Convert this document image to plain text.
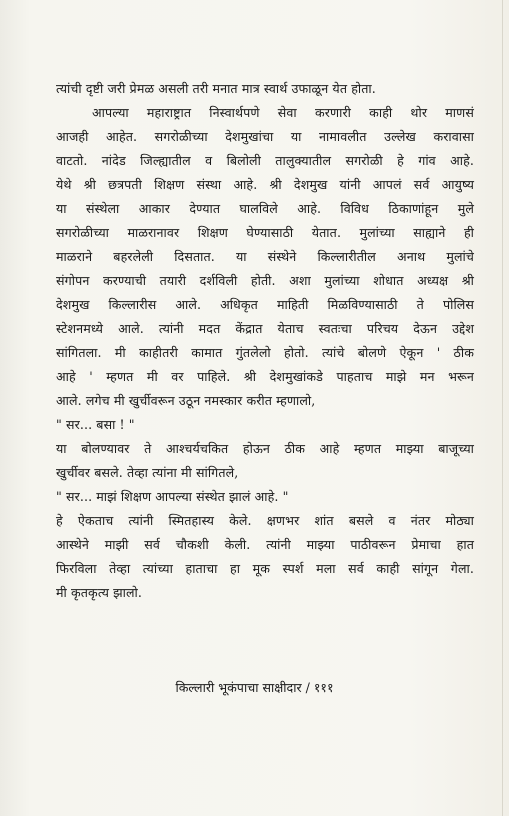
त्यांची दृष्टी जरी प्रेमळ असली तरी मनात मात्र स्वार्थ उफाळून येत होता.
आपल्या महाराष्ट्रात निस्वार्थपणे सेवा करणारी काही थोर माणसं
आजही आहेत. सगरोळीच्या देशमुखांचा या नामावलीत उल्लेख करावासा
वाटतो. नांदेड जिल्ह्यातील व बिलोली तालुक्यातील सगरोळी हे गांव आहे.
येथे श्री छत्रपती शिक्षण संस्था आहे. श्री देशमुख यांनी आपलं सर्व आयुष्य
या संस्थेला आकार देण्यात घालविले आहे. विविध ठिकाणांहून मुले
सगरोळीच्या माळरानावर शिक्षण घेण्यासाठी येतात. मुलांच्या साह्याने ही
माळराने बहरलेली दिसतात. या संस्थेने किल्लारीतील अनाथ मुलांचे
संगोपन करण्याची तयारी दर्शविली होती. अशा मुलांच्या शोधात अध्यक्ष श्री
देशमुख किल्लारीस आले. अधिकृत माहिती मिळविण्यासाठी ते पोलिस
स्टेशनमध्ये आले. त्यांनी मदत केंद्रात येताच स्वतःचा परिचय देऊन उद्देश
सांगितला. मी काहीतरी कामात गुंतलेलो होतो. त्यांचे बोलणे ऐकून ' ठीक
आहे ' म्हणत मी वर पाहिले. श्री देशमुखांकडे पाहताच माझे मन भरून
आले. लगेच मी खुर्चीवरून उठून नमस्कार करीत म्हणालो,
" सर... बसा ! "
या बोलण्यावर ते आश्चर्यचकित होऊन ठीक आहे म्हणत माझ्या बाजूच्या
खुर्चीवर बसले. तेव्हा त्यांना मी सांगितले,
" सर... माझं शिक्षण आपल्या संस्थेत झालं आहे. "
हे ऐकताच त्यांनी स्मितहास्य केले. क्षणभर शांत बसले व नंतर मोठ्या
आस्थेने माझी सर्व चौकशी केली. त्यांनी माझ्या पाठीवरून प्रेमाचा हात
फिरविला तेव्हा त्यांच्या हाताचा हा मूक स्पर्श मला सर्व काही सांगून गेला.
मी कृतकृत्य झालो.
किल्लारी भूकंपाचा साक्षीदार / १११
